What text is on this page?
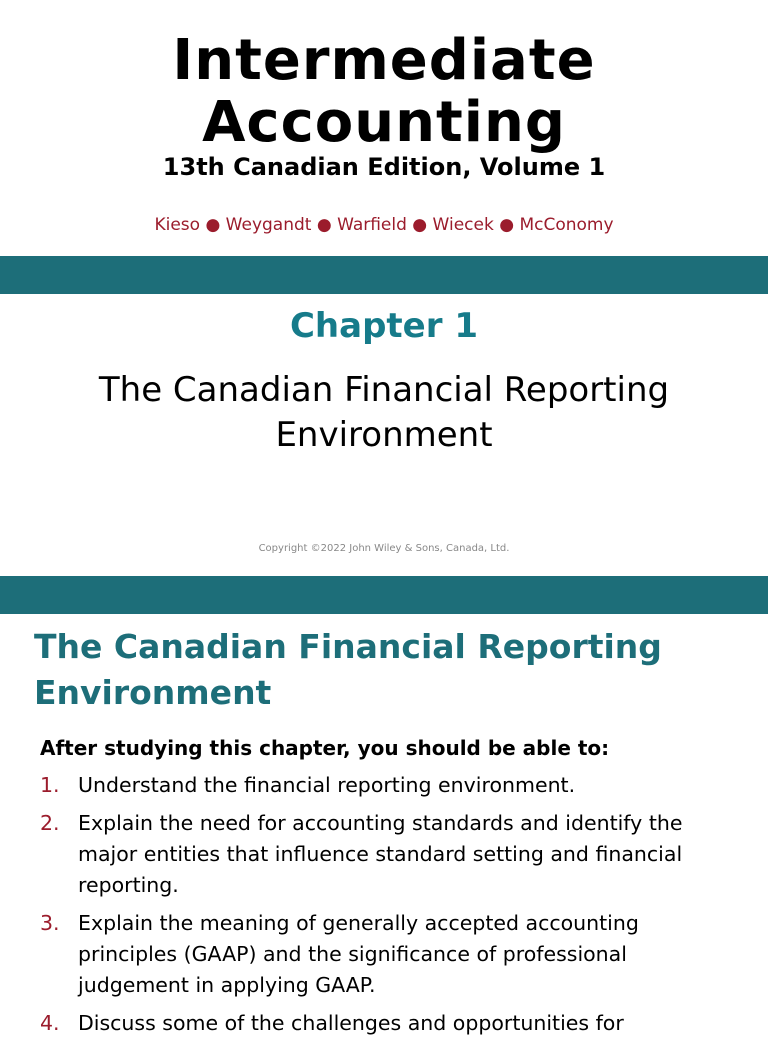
Intermediate
Accounting
13th Canadian Edition, Volume 1
Kieso ● Weygandt ● Warfield ● Wiecek ● McConomy
Chapter 1
The Canadian Financial Reporting
Environment
Copyright ©2022 John Wiley & Sons, Canada, Ltd.
The Canadian Financial Reporting
Environment
After studying this chapter, you should be able to:
1. Understand the financial reporting environment.
2. Explain the need for accounting standards and identify the major entities that influence standard setting and financial reporting.
3. Explain the meaning of generally accepted accounting principles (GAAP) and the significance of professional judgement in applying GAAP.
4. Discuss some of the challenges and opportunities for
